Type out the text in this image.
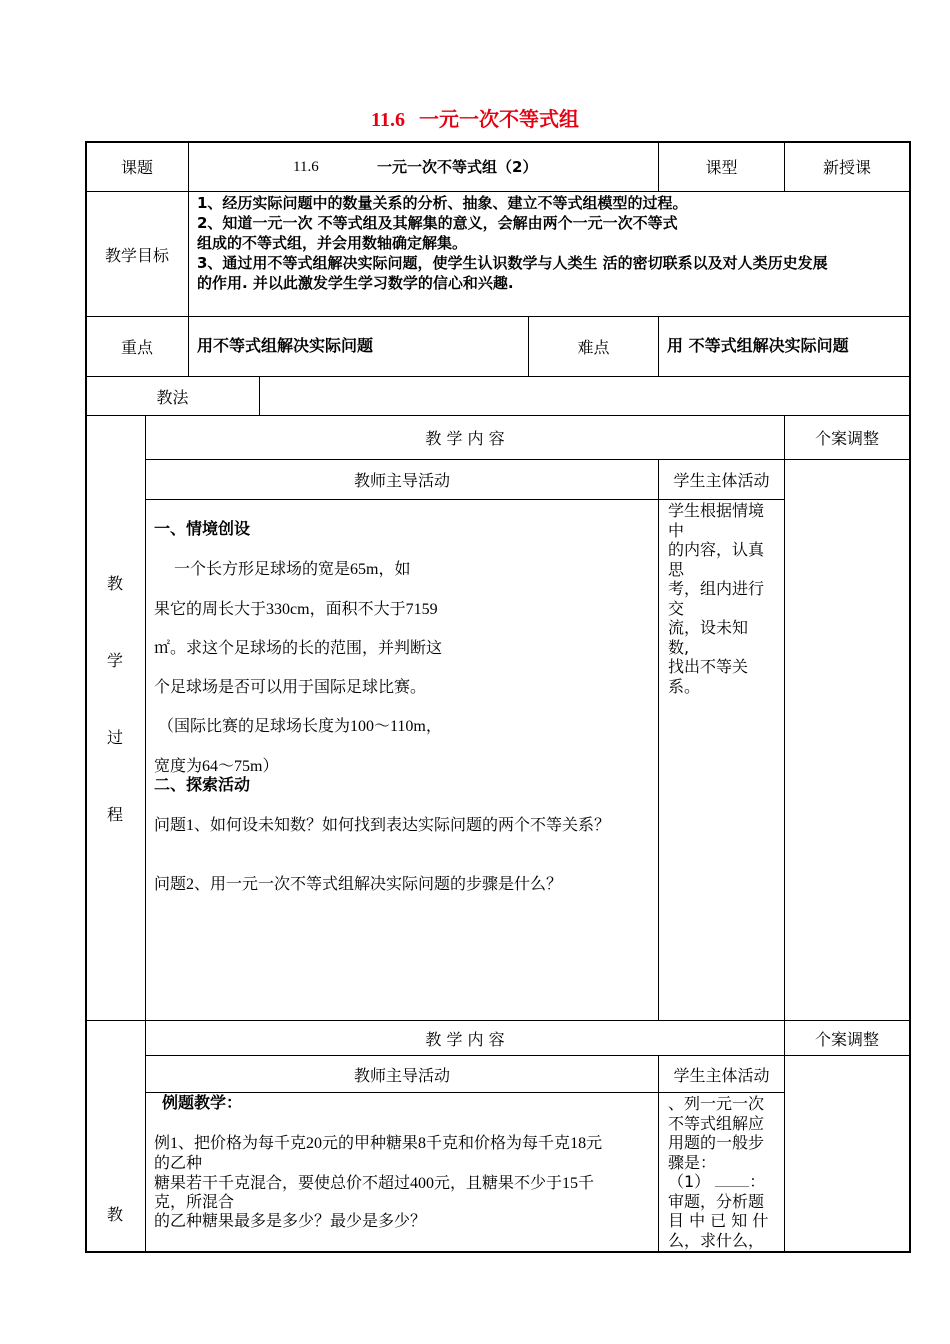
11.6 一元一次不等式组
课题	11.6	一元一次不等式组（2）	课型	新授课
教学目标
1、经历实际问题中的数量关系的分析、抽象、建立不等式组模型的过程。
2、知道一元一次 不等式组及其解集的意义，会解由两个一元一次不等式
组成的不等式组，并会用数轴确定解集。
3、通过用不等式组解决实际问题，使学生认识数学与人类生 活的密切联系以及对人类历史发展
的作用. 并以此激发学生学习数学的信心和兴趣.
重点	用不等式组解决实际问题	难点	用 不等式组解决实际问题
教法
教
学
过
程
教 学 内 容	个案调整
教师主导活动	学生主体活动
一、情境创设
一个长方形足球场的宽是65m，如
果它的周长大于330cm，面积不大于7159
㎡。求这个足球场的长的范围，并判断这
个足球场是否可以用于国际足球比赛。
（国际比赛的足球场长度为100～110m，
宽度为64～75m）
二、探索活动
问题1、如何设未知数？如何找到表达实际问题的两个不等关系？
问题2、用一元一次不等式组解决实际问题的步骤是什么？
学生根据情境
中
的内容，认真
思
考，组内进行
交
流，设未知
数,
找出不等关
系。
教
教 学 内 容	个案调整
教师主导活动	学生主体活动
例题教学：
例1、把价格为每千克20元的甲种糖果8千克和价格为每千克18元
的乙种
糖果若干千克混合，要使总价不超过400元，且糖果不少于15千
克，所混合
的乙种糖果最多是多少？最少是多少？
、列一元一次
不等式组解应
用题的一般步
骤是：
（1） ：
审题，分析题
目 中 已 知 什
么，求什么，
